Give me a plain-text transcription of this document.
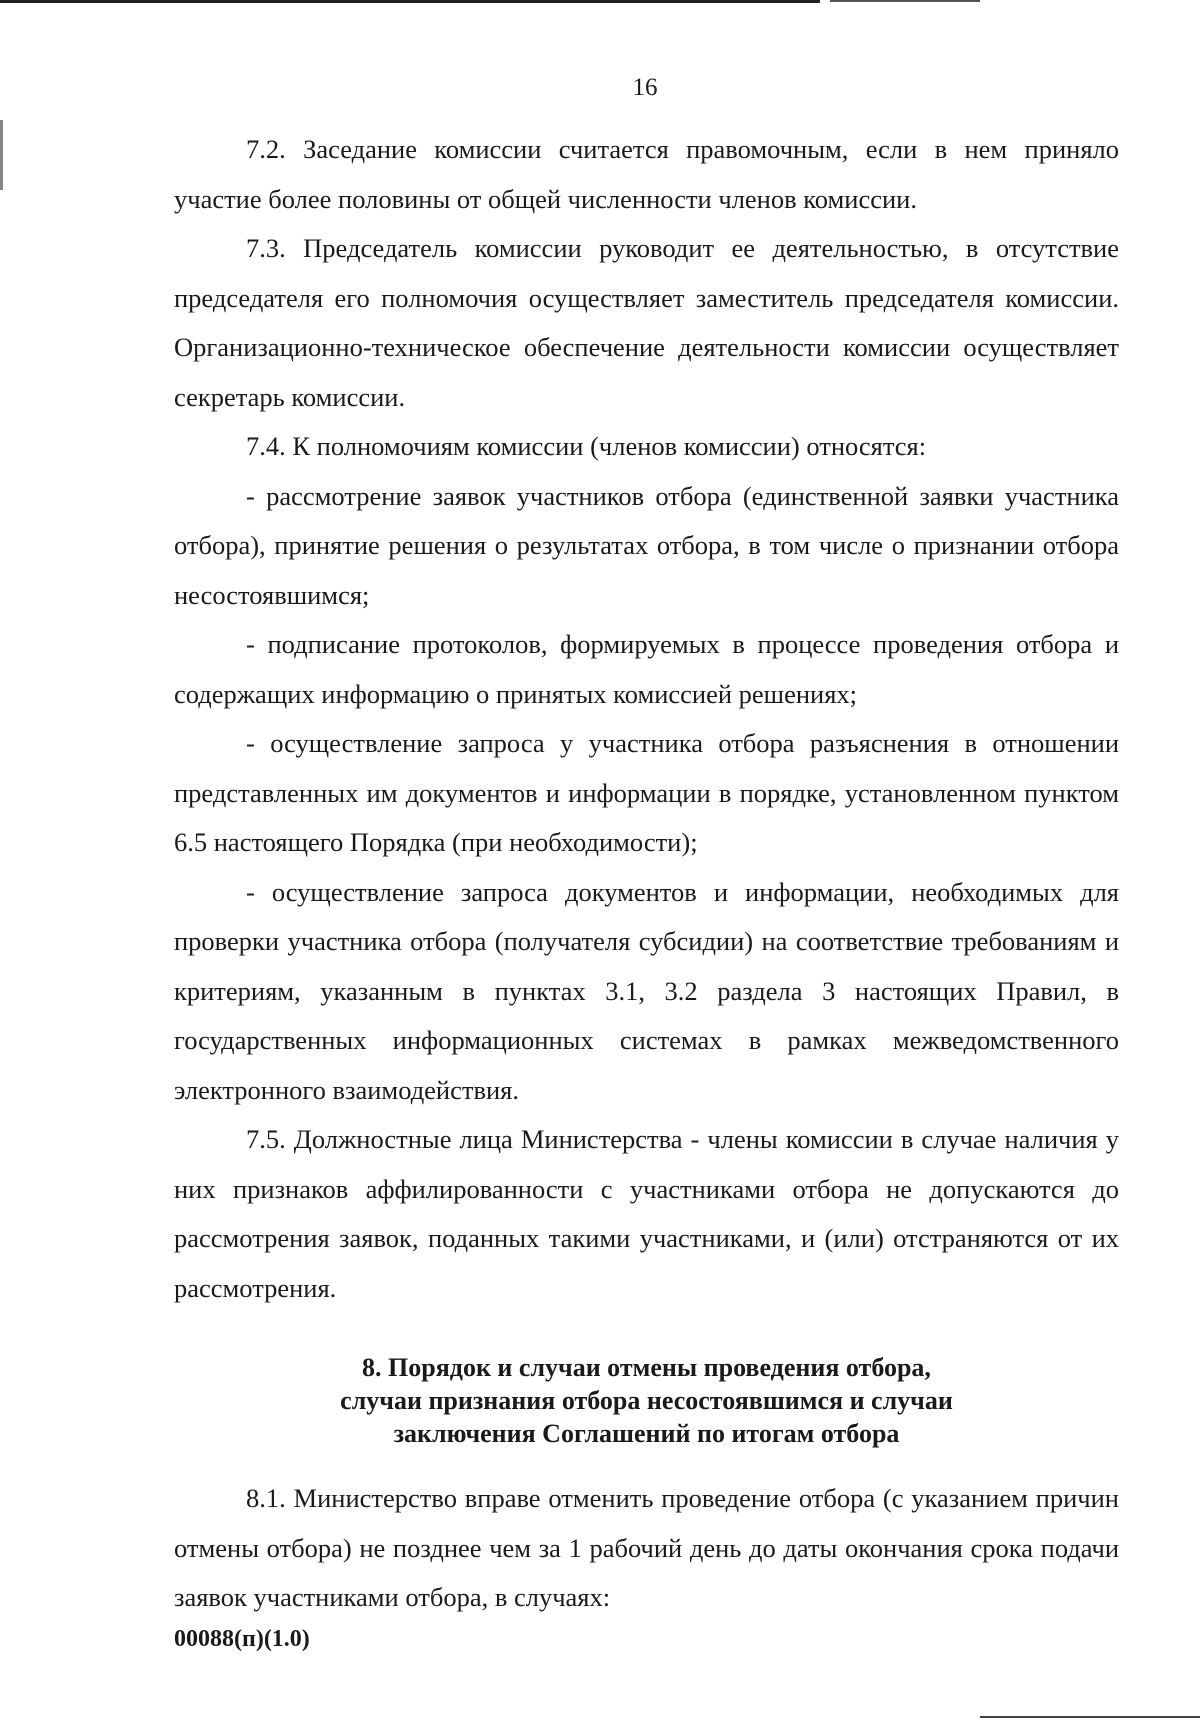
16

7.2. Заседание комиссии считается правомочным, если в нем приняло участие более половины от общей численности членов комиссии.

7.3. Председатель комиссии руководит ее деятельностью, в отсутствие председателя его полномочия осуществляет заместитель председателя комиссии. Организационно-техническое обеспечение деятельности комиссии осуществляет секретарь комиссии.

7.4. К полномочиям комиссии (членов комиссии) относятся:

- рассмотрение заявок участников отбора (единственной заявки участника отбора), принятие решения о результатах отбора, в том числе о признании отбора несостоявшимся;

- подписание протоколов, формируемых в процессе проведения отбора и содержащих информацию о принятых комиссией решениях;

- осуществление запроса у участника отбора разъяснения в отношении представленных им документов и информации в порядке, установленном пунктом 6.5 настоящего Порядка (при необходимости);

- осуществление запроса документов и информации, необходимых для проверки участника отбора (получателя субсидии) на соответствие требованиям и критериям, указанным в пунктах 3.1, 3.2 раздела 3 настоящих Правил, в государственных информационных системах в рамках межведомственного электронного взаимодействия.

7.5. Должностные лица Министерства - члены комиссии в случае наличия у них признаков аффилированности с участниками отбора не допускаются до рассмотрения заявок, поданных такими участниками, и (или) отстраняются от их рассмотрения.

8. Порядок и случаи отмены проведения отбора,
случаи признания отбора несостоявшимся и случаи
заключения Соглашений по итогам отбора

8.1. Министерство вправе отменить проведение отбора (с указанием причин отмены отбора) не позднее чем за 1 рабочий день до даты окончания срока подачи заявок участниками отбора, в случаях:

00088(п)(1.0)
